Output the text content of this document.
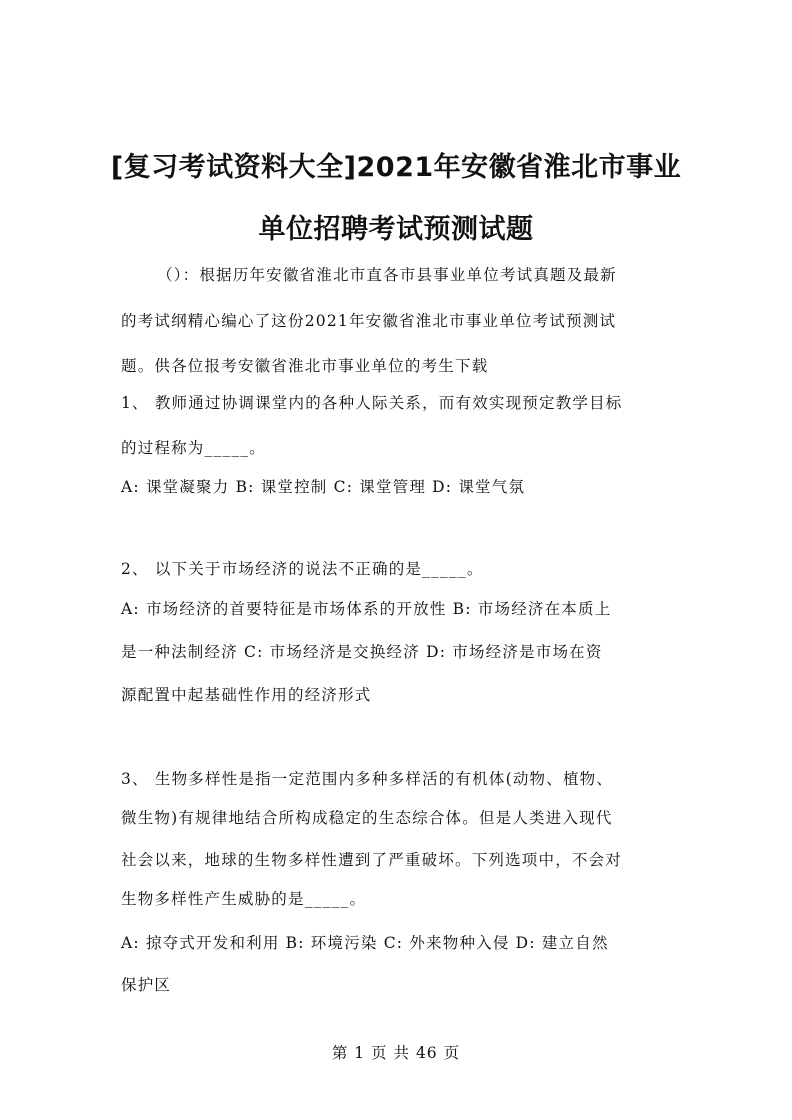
[复习考试资料大全]2021年安徽省淮北市事业
单位招聘考试预测试题
（）：根据历年安徽省淮北市直各市县事业单位考试真题及最新
的考试纲精心编心了这份2021年安徽省淮北市事业单位考试预测试
题。供各位报考安徽省淮北市事业单位的考生下载
1、 教师通过协调课堂内的各种人际关系，而有效实现预定教学目标
的过程称为_____。
A: 课堂凝聚力 B: 课堂控制 C: 课堂管理 D: 课堂气氛
2、 以下关于市场经济的说法不正确的是_____。
A: 市场经济的首要特征是市场体系的开放性 B: 市场经济在本质上
是一种法制经济 C: 市场经济是交换经济 D: 市场经济是市场在资
源配置中起基础性作用的经济形式
3、 生物多样性是指一定范围内多种多样活的有机体(动物、植物、
微生物)有规律地结合所构成稳定的生态综合体。但是人类进入现代
社会以来，地球的生物多样性遭到了严重破坏。下列选项中，不会对
生物多样性产生威胁的是_____。
A: 掠夺式开发和利用 B: 环境污染 C: 外来物种入侵 D: 建立自然
保护区
第 1 页 共 46 页
